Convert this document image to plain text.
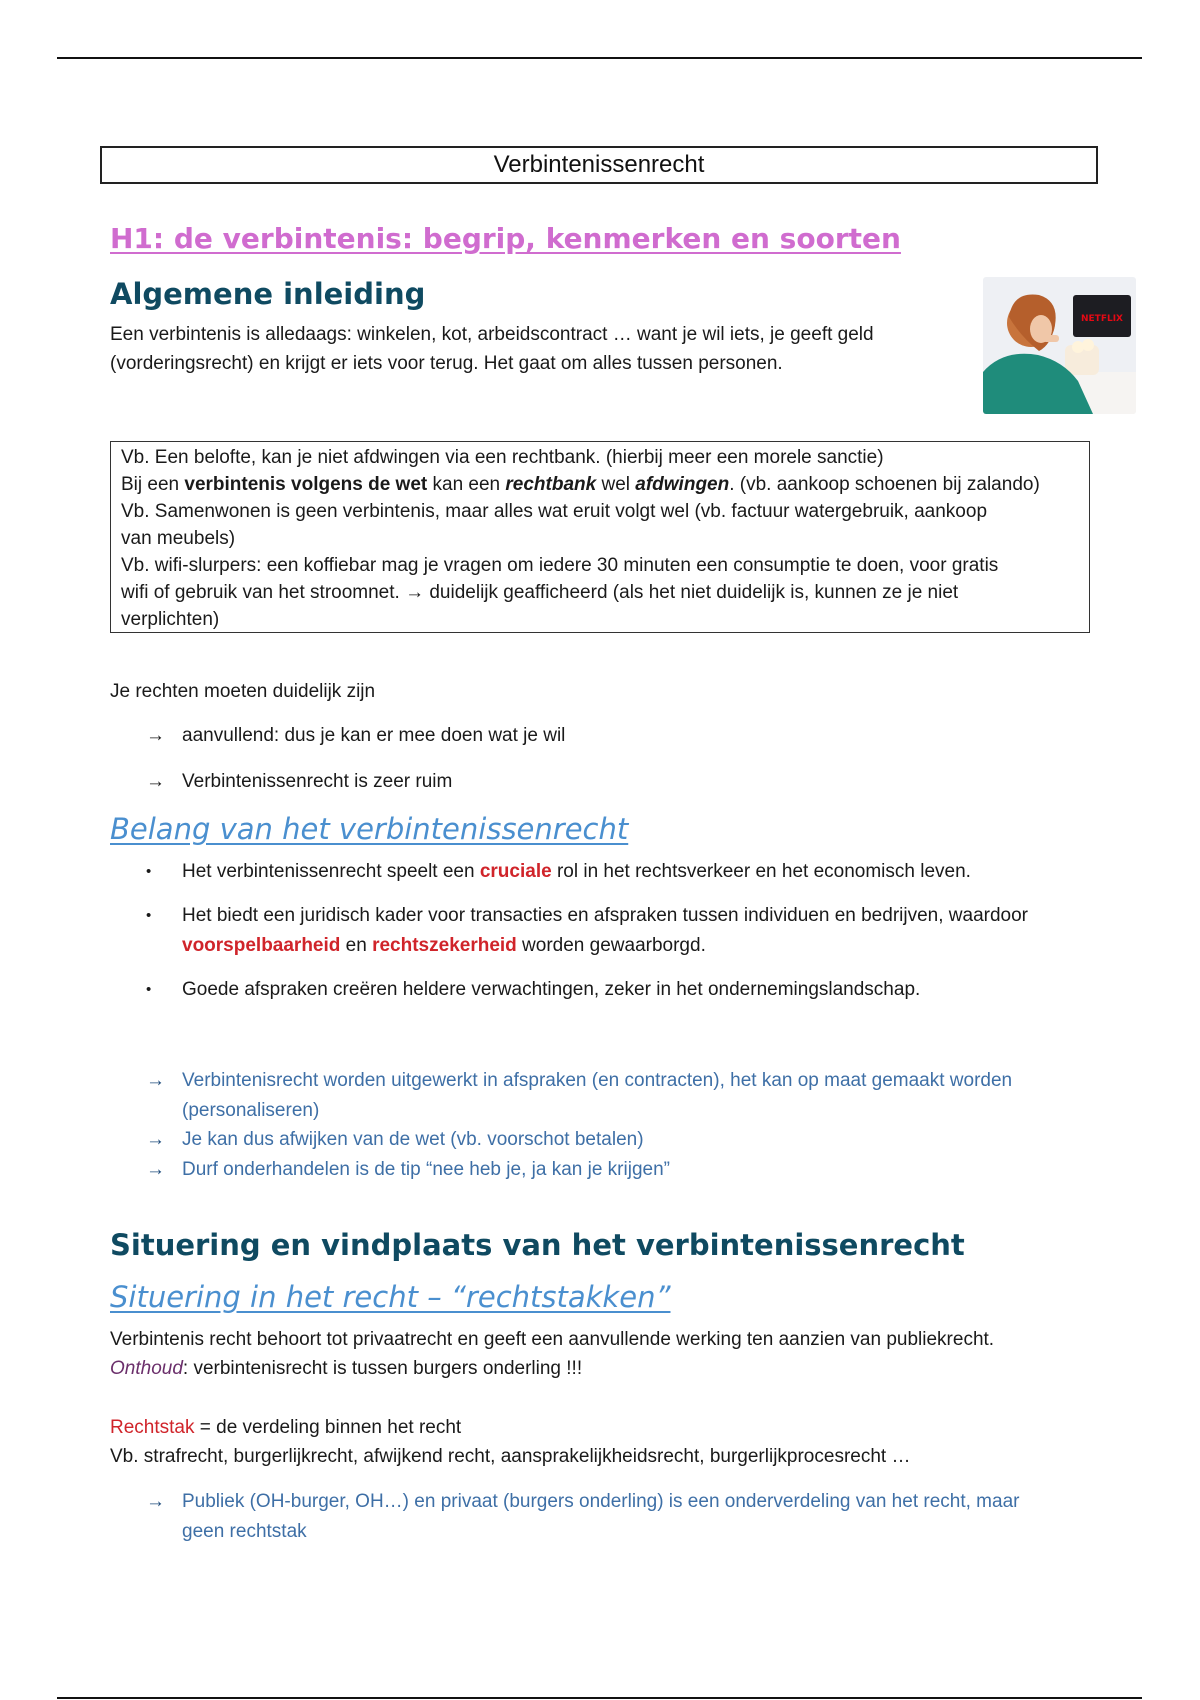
Verbintenissenrecht
H1: de verbintenis: begrip, kenmerken en soorten
Algemene inleiding
Een verbintenis is alledaags: winkelen, kot, arbeidscontract … want je wil iets, je geeft geld
(vorderingsrecht) en krijgt er iets voor terug. Het gaat om alles tussen personen.
NETFLIX

Vb. Een belofte, kan je niet afdwingen via een rechtbank. (hierbij meer een morele sanctie)

Bij een verbintenis volgens de wet kan een rechtbank wel afdwingen. (vb. aankoop schoenen bij zalando)

Vb. Samenwonen is geen verbintenis, maar alles wat eruit volgt wel (vb. factuur watergebruik, aankoop

van meubels)

Vb. wifi-slurpers: een koffiebar mag je vragen om iedere 30 minuten een consumptie te doen, voor gratis

wifi of gebruik van het stroomnet. → duidelijk geafficheerd (als het niet duidelijk is, kunnen ze je niet

verplichten)

Je rechten moeten duidelijk zijn
→ aanvullend: dus je kan er mee doen wat je wil
→ Verbintenissenrecht is zeer ruim
Belang van het verbintenissenrecht
•	Het verbintenissenrecht speelt een cruciale rol in het rechtsverkeer en het economisch leven.
•	Het biedt een juridisch kader voor transacties en afspraken tussen individuen en bedrijven, waardoor
voorspelbaarheid en rechtszekerheid worden gewaarborgd.
•	Goede afspraken creëren heldere verwachtingen, zeker in het ondernemingslandschap.
→ Verbintenisrecht worden uitgewerkt in afspraken (en contracten), het kan op maat gemaakt worden
(personaliseren)
→ Je kan dus afwijken van de wet (vb. voorschot betalen)
→ Durf onderhandelen is de tip “nee heb je, ja kan je krijgen”
Situering en vindplaats van het verbintenissenrecht
Situering in het recht – “rechtstakken”
Verbintenis recht behoort tot privaatrecht en geeft een aanvullende werking ten aanzien van publiekrecht.
Onthoud: verbintenisrecht is tussen burgers onderling !!!
Rechtstak = de verdeling binnen het recht
Vb. strafrecht, burgerlijkrecht, afwijkend recht, aansprakelijkheidsrecht, burgerlijkprocesrecht …
→ Publiek (OH-burger, OH…) en privaat (burgers onderling) is een onderverdeling van het recht, maar
geen rechtstak
